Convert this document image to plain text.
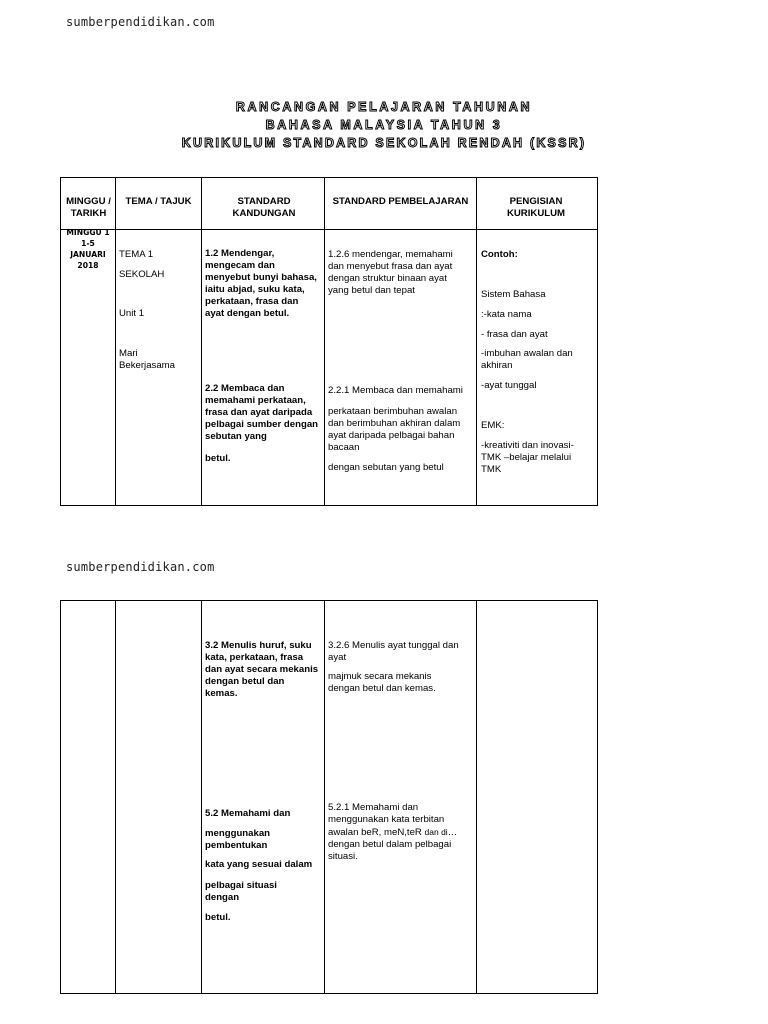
sumberpendidikan.com
RANCANGAN PELAJARAN TAHUNAN
BAHASA MALAYSIA TAHUN 3
KURIKULUM STANDARD SEKOLAH RENDAH (KSSR)
MINGGU / TARIKH
TEMA / TAJUK	STANDARD KANDUNGAN
STANDARD PEMBELAJARAN	PENGISIAN KURIKULUM
MINGGU 1
1-5
JANUARI
2018
TEMA 1
SEKOLAH
Unit 1
Mari Bekerjasama
1.2 Mendengar, mengecam dan menyebut bunyi bahasa, iaitu abjad, suku kata, perkataan, frasa dan ayat dengan betul.
2.2 Membaca dan memahami perkataan, frasa dan ayat daripada pelbagai sumber dengan sebutan yang
betul.
1.2.6 mendengar, memahami dan menyebut frasa dan ayat dengan struktur binaan ayat yang betul dan tepat
2.2.1 Membaca dan memahami
perkataan berimbuhan awalan dan berimbuhan akhiran dalam ayat daripada pelbagai bahan bacaan
dengan sebutan yang betul
Contoh:
Sistem Bahasa
:-kata nama
- frasa dan ayat
-imbuhan awalan dan akhiran
-ayat tunggal
EMK:
-kreativiti dan inovasi- TMK –belajar melalui TMK
sumberpendidikan.com
3.2 Menulis huruf, suku kata, perkataan, frasa dan ayat secara mekanis dengan betul dan kemas.
5.2 Memahami dan
menggunakan pembentukan
kata yang sesuai dalam
pelbagai situasi dengan
betul.
3.2.6 Menulis ayat tunggal dan ayat
majmuk secara mekanis dengan betul dan kemas.
5.2.1 Memahami dan menggunakan kata terbitan awalan beR, meN,teR dan di… dengan betul dalam pelbagai situasi.
